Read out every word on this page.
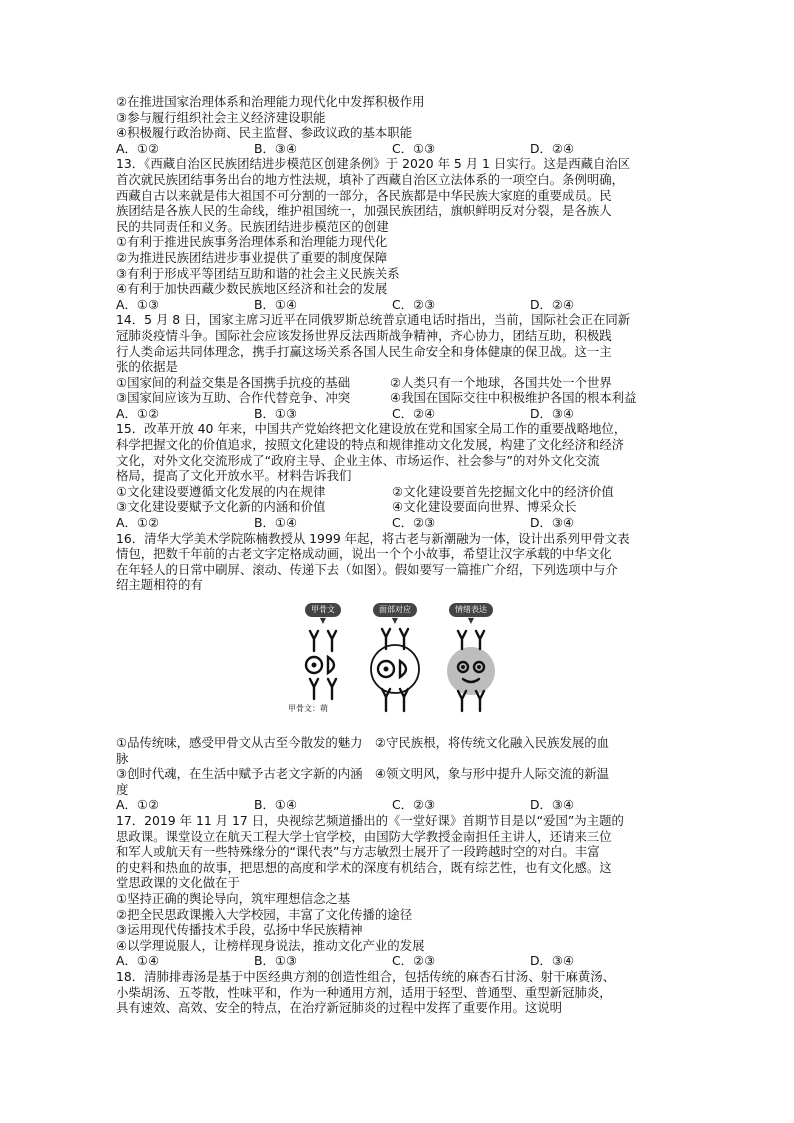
②在推进国家治理体系和治理能力现代化中发挥积极作用
③参与履行组织社会主义经济建设职能
④积极履行政治协商、民主监督、参政议政的基本职能
A．①②	B．③④	C．①③	D．②④
13．《西藏自治区民族团结进步模范区创建条例》于 2020 年 5 月 1 日实行。这是西藏自治区
首次就民族团结事务出台的地方性法规，填补了西藏自治区立法体系的一项空白。条例明确，
西藏自古以来就是伟大祖国不可分割的一部分，各民族都是中华民族大家庭的重要成员。民
族团结是各族人民的生命线，维护祖国统一，加强民族团结，旗帜鲜明反对分裂，是各族人
民的共同责任和义务。民族团结进步模范区的创建
①有利于推进民族事务治理体系和治理能力现代化
②为推进民族团结进步事业提供了重要的制度保障
③有利于形成平等团结互助和谐的社会主义民族关系
④有利于加快西藏少数民族地区经济和社会的发展
A．①③	B．①④	C．②③	D．②④
14．5 月 8 日，国家主席习近平在同俄罗斯总统普京通电话时指出，当前，国际社会正在同新
冠肺炎疫情斗争。国际社会应该发扬世界反法西斯战争精神，齐心协力，团结互助，积极践
行人类命运共同体理念，携手打赢这场关系各国人民生命安全和身体健康的保卫战。这一主
张的依据是
①国家间的利益交集是各国携手抗疫的基础	②人类只有一个地球，各国共处一个世界
③国家间应该为互助、合作代替竞争、冲突	④我国在国际交往中积极维护各国的根本利益
A．①②	B．①③	C．②④	D．③④
15．改革开放 40 年来，中国共产党始终把文化建设放在党和国家全局工作的重要战略地位，
科学把握文化的价值追求，按照文化建设的特点和规律推动文化发展，构建了文化经济和经济
文化，对外文化交流形成了“政府主导、企业主体、市场运作、社会参与”的对外文化交流
格局，提高了文化开放水平。材料告诉我们
①文化建设要遵循文化发展的内在规律	②文化建设要首先挖掘文化中的经济价值
③文化建设要赋予文化新的内涵和价值	④文化建设要面向世界、博采众长
A．①②	B．①④	C．②③	D．③④
16．清华大学美术学院陈楠教授从 1999 年起，将古老与新潮融为一体，设计出系列甲骨文表
情包，把数千年前的古老文字定格成动画，说出一个个小故事，希望让汉字承载的中华文化
在年轻人的日常中刷屏、滚动、传递下去（如图）。假如要写一篇推广介绍，下列选项中与介
绍主题相符的有
甲骨文
▼
甲骨文：萌
面部对应
▼
情绪表达
▼
①品传统味，感受甲骨文从古至今散发的魅力　②守民族根，将传统文化融入民族发展的血
脉
③创时代魂，在生活中赋予古老文字新的内涵　④领文明风，象与形中提升人际交流的新温
度
A．①②	B．①④	C．②③	D．③④
17．2019 年 11 月 17 日，央视综艺频道播出的《一堂好课》首期节目是以“爱国”为主题的
思政课。课堂设立在航天工程大学士官学校，由国防大学教授金南担任主讲人，还请来三位
和军人或航天有一些特殊缘分的“课代表”与方志敏烈士展开了一段跨越时空的对白。丰富
的史料和热血的故事，把思想的高度和学术的深度有机结合，既有综艺性，也有文化感。这
堂思政课的文化做在于
①坚持正确的舆论导向，筑牢理想信念之基
②把全民思政课搬入大学校园，丰富了文化传播的途径
③运用现代传播技术手段，弘扬中华民族精神
④以学理说服人，让榜样现身说法，推动文化产业的发展
A．①④	B．①③	C．②③	D．③④
18．清肺排毒汤是基于中医经典方剂的创造性组合，包括传统的麻杏石甘汤、射干麻黄汤、
小柴胡汤、五苓散，性味平和，作为一种通用方剂，适用于轻型、普通型、重型新冠肺炎，
具有速效、高效、安全的特点，在治疗新冠肺炎的过程中发挥了重要作用。这说明
